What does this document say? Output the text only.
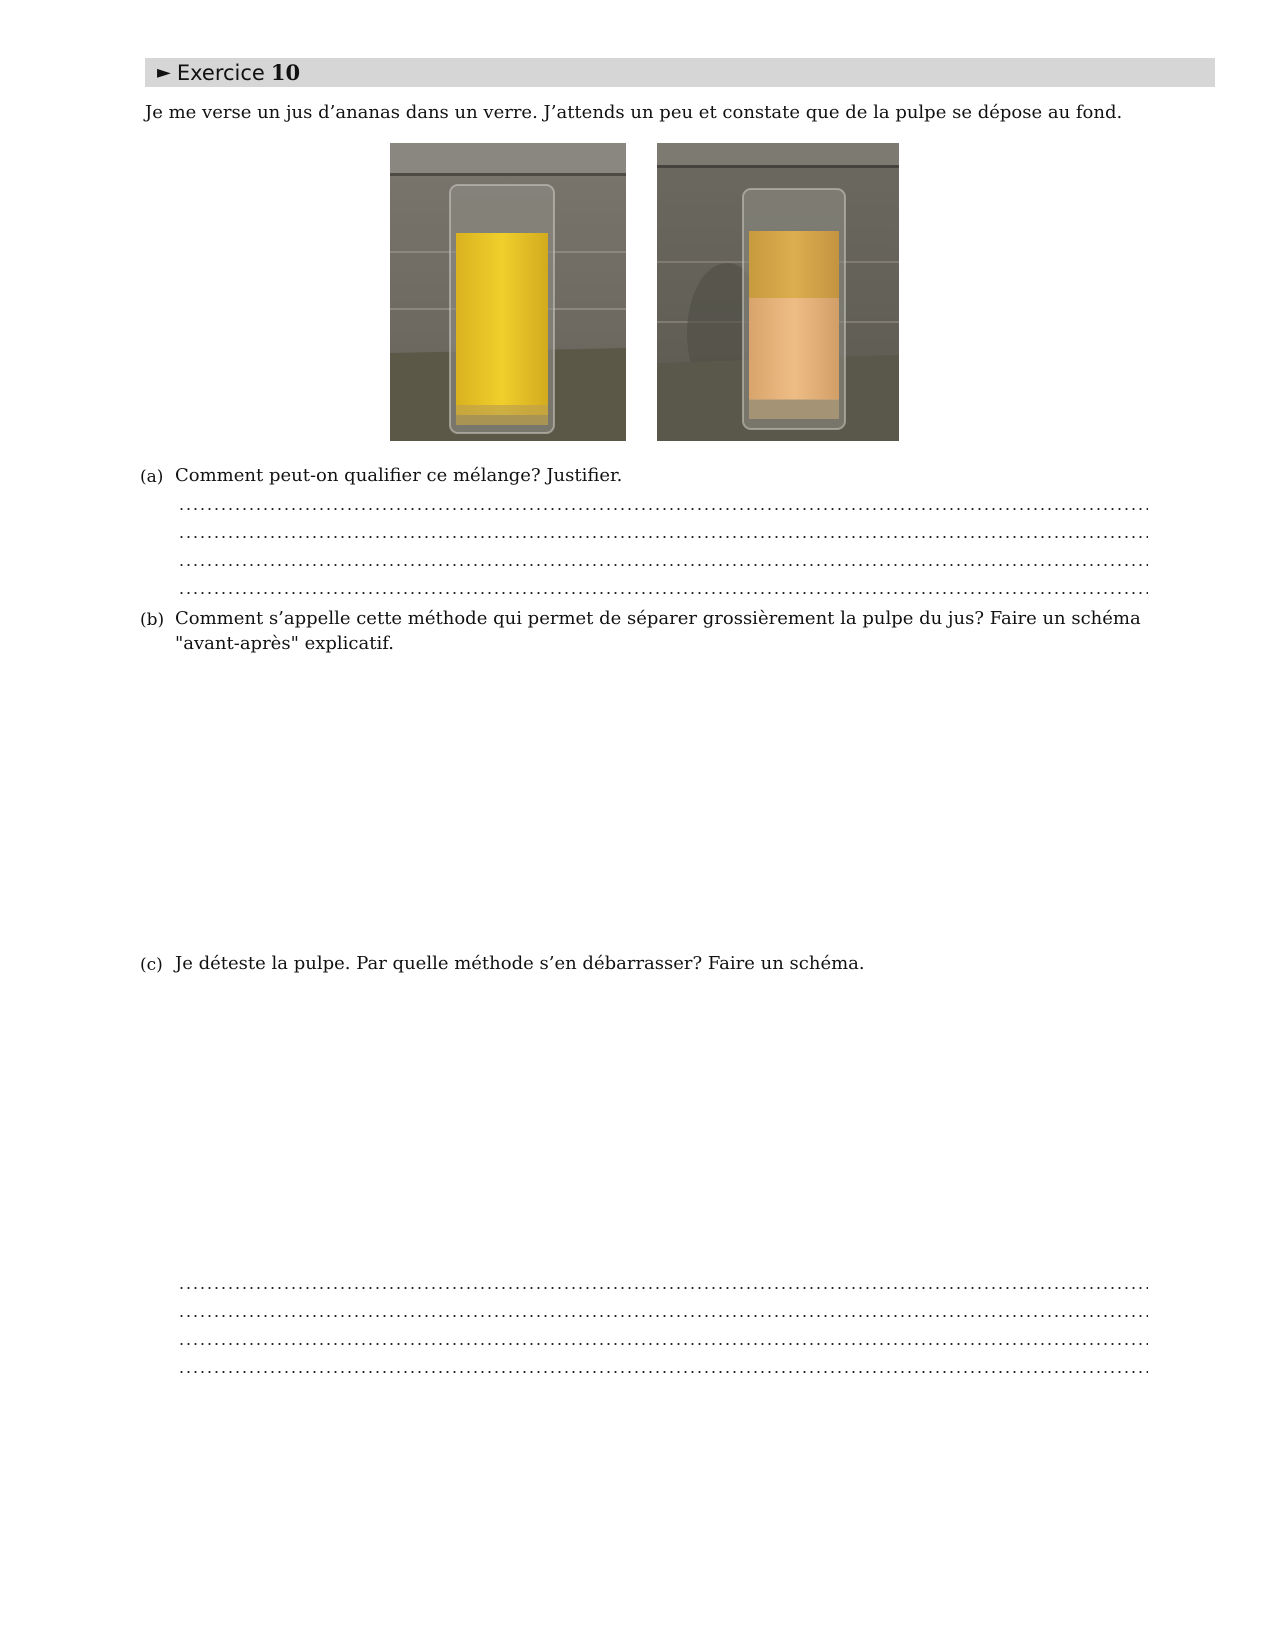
► Exercice 10
Je me verse un jus d’ananas dans un verre. J’attends un peu et constate que de la pulpe se dépose au fond.
(a) Comment peut-on qualifier ce mélange? Justifier.
(b) Comment s’appelle cette méthode qui permet de séparer grossièrement la pulpe du jus? Faire un schéma "avant-après" explicatif.
(c) Je déteste la pulpe. Par quelle méthode s’en débarrasser? Faire un schéma.
